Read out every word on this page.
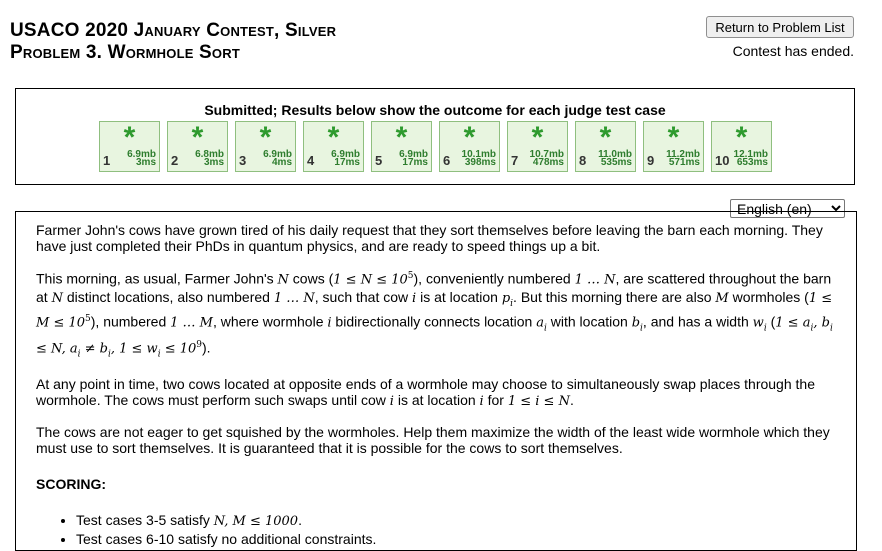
USACO 2020 January Contest, Silver
Problem 3. Wormhole Sort
Return to Problem List
Contest has ended.
Submitted; Results below show the outcome for each judge test case
*
1 6.9mb
3ms
*
2 6.8mb
3ms
*
3 6.9mb
4ms
*
4 6.9mb
17ms
*
5 6.9mb
17ms
*
6 10.1mb
398ms
*
7 10.7mb
478ms
*
8 11.0mb
535ms
*
9 11.2mb
571ms
*
10 12.1mb
653ms
English (en)

Farmer John's cows have grown tired of his daily request that they sort themselves before leaving the barn each morning. They have just completed their PhDs in quantum physics, and are ready to speed things up a bit.

This morning, as usual, Farmer John's N cows $(1 \le N \le 10^5)$, conveniently numbered 1 … N, are scattered throughout the barn at N distinct locations, also numbered 1 … N, such that cow i is at location $p_i$. But this morning there are also M wormholes $(1 \le M \le 10^5)$, numbered 1 … M, where wormhole i bidirectionally connects location $a_i$ with location $b_i$, and has a width $w_i$ ($1 \le a_i$, $b_i \le N$, $a_i \ne b_i$, $1 \le w_i \le 10^9$).

At any point in time, two cows located at opposite ends of a wormhole may choose to simultaneously swap places through the wormhole. The cows must perform such swaps until cow i is at location i for 1 ≤ i ≤ N.

The cows are not eager to get squished by the wormholes. Help them maximize the width of the least wide wormhole which they must use to sort themselves. It is guaranteed that it is possible for the cows to sort themselves.

SCORING:
• Test cases 3-5 satisfy N, M ≤ 1000.
• Test cases 6-10 satisfy no additional constraints.
